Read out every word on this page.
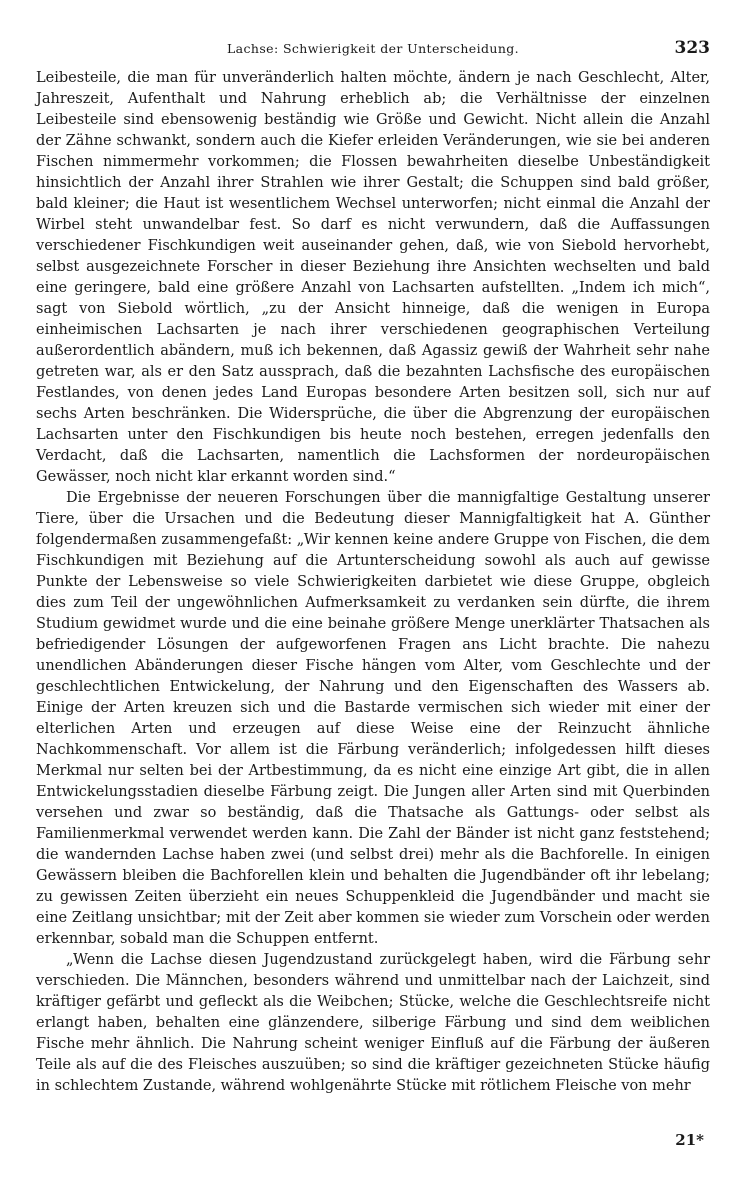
Lachse: Schwierigkeit der Unterscheidung.	323

Leibesteile, die man für unveränderlich halten möchte, ändern je nach Geschlecht, Alter, Jahreszeit, Aufenthalt und Nahrung erheblich ab; die Verhältnisse der einzelnen Leibesteile sind ebensowenig beständig wie Größe und Gewicht. Nicht allein die Anzahl der Zähne schwankt, sondern auch die Kiefer erleiden Veränderungen, wie sie bei anderen Fischen nimmermehr vorkommen; die Flossen bewahrheiten dieselbe Unbeständigkeit hinsichtlich der Anzahl ihrer Strahlen wie ihrer Gestalt; die Schuppen sind bald größer, bald kleiner; die Haut ist wesentlichem Wechsel unterworfen; nicht einmal die Anzahl der Wirbel steht unwandelbar fest. So darf es nicht verwundern, daß die Auffassungen verschiedener Fischkundigen weit auseinander gehen, daß, wie von Siebold hervorhebt, selbst ausgezeichnete Forscher in dieser Beziehung ihre Ansichten wechselten und bald eine geringere, bald eine größere Anzahl von Lachsarten aufstellten. „Indem ich mich“, sagt von Siebold wörtlich, „zu der Ansicht hinneige, daß die wenigen in Europa einheimischen Lachsarten je nach ihrer verschiedenen geographischen Verteilung außerordentlich abändern, muß ich bekennen, daß Agassiz gewiß der Wahrheit sehr nahe getreten war, als er den Satz aussprach, daß die bezahnten Lachsfische des europäischen Festlandes, von denen jedes Land Europas besondere Arten besitzen soll, sich nur auf sechs Arten beschränken. Die Widersprüche, die über die Abgrenzung der europäischen Lachsarten unter den Fischkundigen bis heute noch bestehen, erregen jedenfalls den Verdacht, daß die Lachsarten, namentlich die Lachsformen der nordeuropäischen Gewässer, noch nicht klar erkannt worden sind.“

Die Ergebnisse der neueren Forschungen über die mannigfaltige Gestaltung unserer Tiere, über die Ursachen und die Bedeutung dieser Mannigfaltigkeit hat A. Günther folgendermaßen zusammengefaßt: „Wir kennen keine andere Gruppe von Fischen, die dem Fischkundigen mit Beziehung auf die Artunterscheidung sowohl als auch auf gewisse Punkte der Lebensweise so viele Schwierigkeiten darbietet wie diese Gruppe, obgleich dies zum Teil der ungewöhnlichen Aufmerksamkeit zu verdanken sein dürfte, die ihrem Studium gewidmet wurde und die eine beinahe größere Menge unerklärter Thatsachen als befriedigender Lösungen der aufgeworfenen Fragen ans Licht brachte. Die nahezu unendlichen Abänderungen dieser Fische hängen vom Alter, vom Geschlechte und der geschlechtlichen Entwickelung, der Nahrung und den Eigenschaften des Wassers ab. Einige der Arten kreuzen sich und die Bastarde vermischen sich wieder mit einer der elterlichen Arten und erzeugen auf diese Weise eine der Reinzucht ähnliche Nachkommenschaft. Vor allem ist die Färbung veränderlich; infolgedessen hilft dieses Merkmal nur selten bei der Artbestimmung, da es nicht eine einzige Art gibt, die in allen Entwickelungsstadien dieselbe Färbung zeigt. Die Jungen aller Arten sind mit Querbinden versehen und zwar so beständig, daß die Thatsache als Gattungs- oder selbst als Familienmerkmal verwendet werden kann. Die Zahl der Bänder ist nicht ganz feststehend; die wandernden Lachse haben zwei (und selbst drei) mehr als die Bachforelle. In einigen Gewässern bleiben die Bachforellen klein und behalten die Jugendbänder oft ihr lebelang; zu gewissen Zeiten überzieht ein neues Schuppenkleid die Jugendbänder und macht sie eine Zeitlang unsichtbar; mit der Zeit aber kommen sie wieder zum Vorschein oder werden erkennbar, sobald man die Schuppen entfernt.

„Wenn die Lachse diesen Jugendzustand zurückgelegt haben, wird die Färbung sehr verschieden. Die Männchen, besonders während und unmittelbar nach der Laichzeit, sind kräftiger gefärbt und gefleckt als die Weibchen; Stücke, welche die Geschlechtsreife nicht erlangt haben, behalten eine glänzendere, silberige Färbung und sind dem weiblichen Fische mehr ähnlich. Die Nahrung scheint weniger Einfluß auf die Färbung der äußeren Teile als auf die des Fleisches auszuüben; so sind die kräftiger gezeichneten Stücke häufig in schlechtem Zustande, während wohlgenährte Stücke mit rötlichem Fleische von mehr

21*
